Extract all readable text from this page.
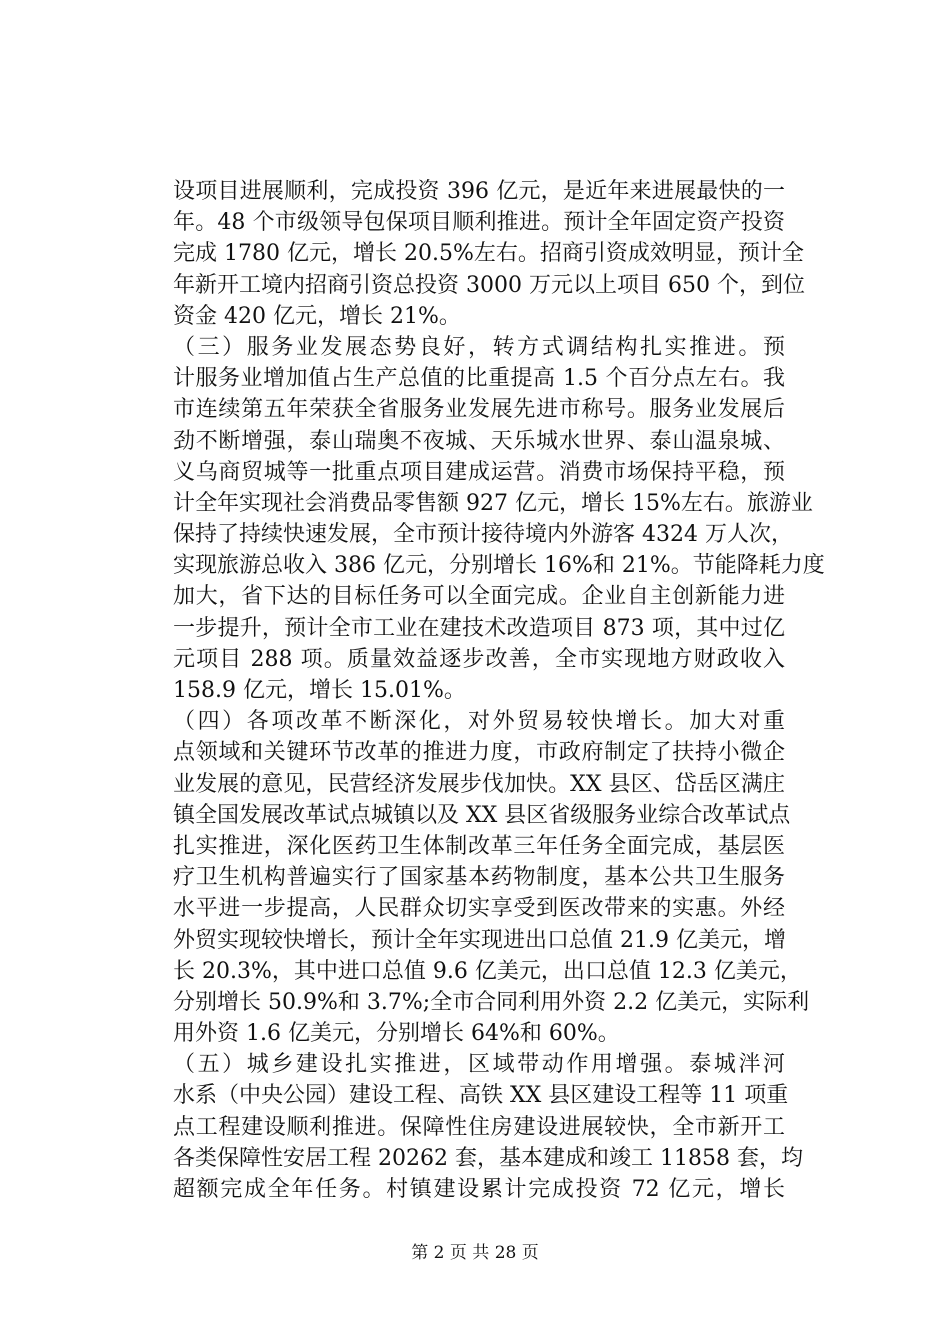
设项目进展顺利，完成投资 396 亿元，是近年来进展最快的一
年。48 个市级领导包保项目顺利推进。预计全年固定资产投资
完成 1780 亿元，增长 20.5%左右。招商引资成效明显，预计全
年新开工境内招商引资总投资 3000 万元以上项目 650 个，到位
资金 420 亿元，增长 21%。
（三）服务业发展态势良好，转方式调结构扎实推进。预
计服务业增加值占生产总值的比重提高 1.5 个百分点左右。我
市连续第五年荣获全省服务业发展先进市称号。服务业发展后
劲不断增强，泰山瑞奥不夜城、天乐城水世界、泰山温泉城、
义乌商贸城等一批重点项目建成运营。消费市场保持平稳，预
计全年实现社会消费品零售额 927 亿元，增长 15%左右。旅游业
保持了持续快速发展，全市预计接待境内外游客 4324 万人次，
实现旅游总收入 386 亿元，分别增长 16%和 21%。节能降耗力度
加大，省下达的目标任务可以全面完成。企业自主创新能力进
一步提升，预计全市工业在建技术改造项目 873 项，其中过亿
元项目 288 项。质量效益逐步改善，全市实现地方财政收入
158.9 亿元，增长 15.01%。
（四）各项改革不断深化，对外贸易较快增长。加大对重
点领域和关键环节改革的推进力度，市政府制定了扶持小微企
业发展的意见，民营经济发展步伐加快。XX 县区、岱岳区满庄
镇全国发展改革试点城镇以及 XX 县区省级服务业综合改革试点
扎实推进，深化医药卫生体制改革三年任务全面完成，基层医
疗卫生机构普遍实行了国家基本药物制度，基本公共卫生服务
水平进一步提高，人民群众切实享受到医改带来的实惠。外经
外贸实现较快增长，预计全年实现进出口总值 21.9 亿美元，增
长 20.3%，其中进口总值 9.6 亿美元，出口总值 12.3 亿美元，
分别增长 50.9%和 3.7%;全市合同利用外资 2.2 亿美元，实际利
用外资 1.6 亿美元，分别增长 64%和 60%。
（五）城乡建设扎实推进，区域带动作用增强。泰城泮河
水系（中央公园）建设工程、高铁 XX 县区建设工程等 11 项重
点工程建设顺利推进。保障性住房建设进展较快，全市新开工
各类保障性安居工程 20262 套，基本建成和竣工 11858 套，均
超额完成全年任务。村镇建设累计完成投资 72 亿元，增长
第 2 页 共 28 页
